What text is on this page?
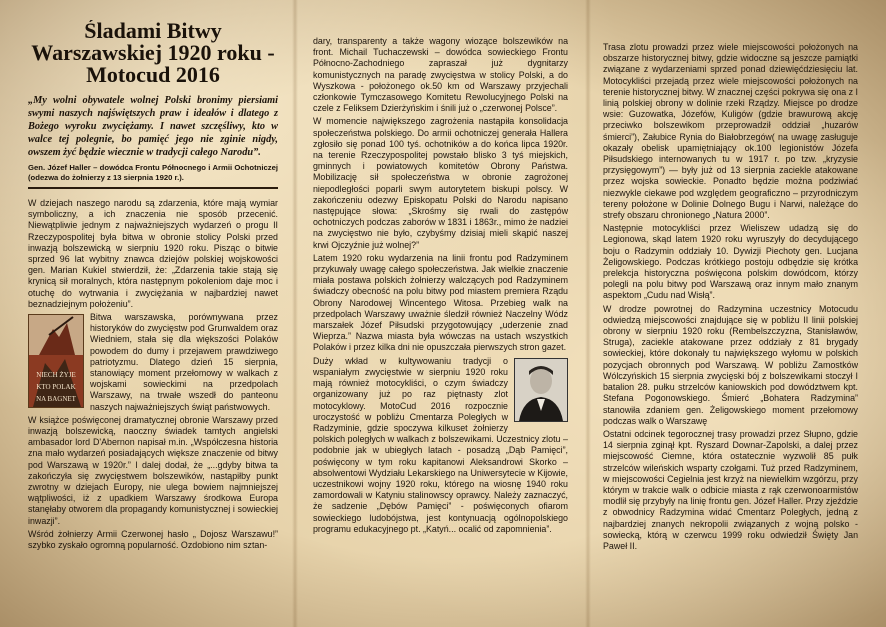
Śladami Bitwy Warszawskiej 1920 roku - Motocud 2016
„My wolni obywatele wolnej Polski bronimy piersiami swymi naszych najświętszych praw i ideałów i dlatego z Bożego wyroku zwyciężamy. I nawet szczęśliwy, kto w walce tej polegnie, bo pamięć jego nie zginie nigdy, owszem żyć będzie wiecznie w tradycji całego Narodu”.

Gen. Józef Haller – dowódca Frontu Północnego i Armii Ochotniczej (odezwa do żołnierzy z 13 sierpnia 1920 r.).

W dziejach naszego narodu są zdarzenia, które mają wymiar symboliczny, a ich znaczenia nie sposób przecenić. Niewątpliwie jednym z najważniejszych wydarzeń o progu II Rzeczypospolitej była bitwa w obronie stolicy Polski przed inwazją bolszewicką w sierpniu 1920 roku. Pisząc o bitwie sprzed 96 lat wybitny znawca dziejów polskiej wojskowości gen. Marian Kukiel stwierdził, że: „Zdarzenia takie stają się krynicą sił moralnych, która następnym pokoleniom daje moc i otuchę do wytrwania i zwyciężania w najbardziej nawet beznadziejnym położeniu”.

NIECH ŻYJE
KTO POLAK
NA BAGNET

Bitwa warszawska, porównywana przez historyków do zwycięstw pod Grunwaldem oraz Wiedniem, stała się dla większości Polaków powodem do dumy i przejawem prawdziwego patriotyzmu. Dlatego dzień 15 sierpnia, stanowiący moment przełomowy w walkach z wojskami sowieckimi na przedpolach Warszawy, na trwałe wszedł do panteonu naszych najważniejszych świąt państwowych.

W książce poświęconej dramatycznej obronie Warszawy przed inwazją bolszewicką, naoczny świadek tamtych angielski ambasador lord D'Abernon napisał m.in. „Współczesna historia zna mało wydarzeń posiadających większe znaczenie od bitwy pod Warszawą w 1920r.” I dalej dodał, że „...gdyby bitwa ta zakończyła się zwycięstwem bolszewików, nastąpiłby punkt zwrotny w dziejach Europy, nie ulega bowiem najmniejszej wątpliwości, iż z upadkiem Warszawy środkowa Europa stanęłaby otworem dla propagandy komunistycznej i sowieckiej inwazji”.

Wśród żołnierzy Armii Czerwonej hasło „ Dojosz Warszawu!” szybko zyskało ogromną popularność. Ozdobiono nim sztan-

dary, transparenty a także wagony wiozące bolszewików na front. Michail Tuchaczewski – dowódca sowieckiego Frontu Północno-Zachodniego zapraszał już dygnitarzy komunistycznych na paradę zwycięstwa w stolicy Polski, a do Wyszkowa - położonego ok.50 km od Warszawy przyjechali członkowie Tymczasowego Komitetu Rewolucyjnego Polski na czele z Feliksem Dzierżyńskim i śnili już o „czerwonej Polsce”.

W momencie największego zagrożenia nastąpiła konsolidacja społeczeństwa polskiego. Do armii ochotniczej generała Hallera zgłosiło się ponad 100 tyś. ochotników a do końca lipca 1920r. na terenie Rzeczypospolitej powstało blisko 3 tyś miejskich, gminnych i powiatowych komitetów Obrony Państwa. Mobilizację sił społeczeństwa w obronie zagrożonej niepodległości poparli swym autorytetem biskupi polscy. W zakończeniu odezwy Episkopatu Polski do Narodu napisano następujące słowa: „Skrośmy się rwali do zastępów ochotniczych podczas zaborów w 1831 i 1863r., mimo że nadziei na zwycięstwo nie było, czybyśmy dzisiaj mieli skąpić naszej krwi Ojczyźnie już wolnej?”

Latem 1920 roku wydarzenia na linii frontu pod Radzyminem przykuwały uwagę całego społeczeństwa. Jak wielkie znaczenie miała postawa polskich żołnierzy walczących pod Radzyminem świadczy obecność na polu bitwy pod miastem premiera Rządu Obrony Narodowej Wincentego Witosa. Przebieg walk na przedpolach Warszawy uważnie śledził również Naczelny Wódz marszałek Józef Piłsudski przygotowujący „uderzenie znad Wieprza.” Nazwa miasta była wówczas na ustach wszystkich Polaków i przez kilka dni nie opuszczała pierwszych stron gazet.

Duży wkład w kultywowaniu tradycji o wspaniałym zwycięstwie w sierpniu 1920 roku mają również motocykliści, o czym świadczy organizowany już po raz piętnasty zlot motocyklowy. MotoCud 2016 rozpocznie uroczystość w pobliżu Cmentarza Poległych w Radzyminie, gdzie spoczywa kilkuset żołnierzy polskich poległych w walkach z bolszewikami. Uczestnicy zlotu – podobnie jak w ubiegłych latach - posadzą „Dąb Pamięci”, poświęcony w tym roku kapitanowi Aleksandrowi Skorko – absolwentowi Wydziału Lekarskiego na Uniwersytecie w Kijowie, uczestnikowi wojny 1920 roku, którego na wiosnę 1940 roku zamordowali w Katyniu stalinowscy oprawcy. Należy zaznaczyć, że sadzenie „Dębów Pamięci” - poświęconych ofiarom sowieckiego ludobójstwa, jest kontynuacją ogólnopolskiego programu edukacyjnego pt. „Katyń... ocalić od zapomnienia”.

Trasa zlotu prowadzi przez wiele miejscowości położonych na obszarze historycznej bitwy, gdzie widoczne są jeszcze pamiątki związane z wydarzeniami sprzed ponad dziewięćdziesięciu lat. Motocykliści przejadą przez wiele miejscowości położonych na terenie historycznej bitwy. W znacznej części pokrywa się ona z I linią polskiej obrony w dolinie rzeki Rządzy. Miejsce po drodze wsie: Guzowatka, Józefów, Kuligów (gdzie brawurową akcję przeciwko bolszewikom przeprowadził oddział „huzarów śmierci”), Załubice Rynia do Białobrzegów( na uwagę zasługuje okazały obelisk upamiętniający ok.100 legionistów Józefa Piłsudskiego internowanych tu w 1917 r. po tzw. „kryzysie przysięgowym”) — były już od 13 sierpnia zaciekle atakowane przez wojska sowieckie. Ponadto będzie można podziwiać niezwykle ciekawe pod względem geograficzno – przyrodniczym tereny położone w Dolinie Dolnego Bugu i Narwi, należące do strefy obszaru chronionego „Natura 2000”.

Następnie motocykliści przez Wieliszew udadzą się do Legionowa, skąd latem 1920 roku wyruszyły do decydującego boju o Radzymin oddziały 10. Dywizji Piechoty gen. Lucjana Żeligowskiego. Podczas krótkiego postoju odbędzie się krótka prelekcja historyczna poświęcona polskim dowódcom, którzy polegli na polu bitwy pod Warszawą oraz innym mało znanym aspektom „Cudu nad Wisłą”.

W drodze powrotnej do Radzymina uczestnicy Motocudu odwiedzą miejscowości znajdujące się w pobliżu II linii polskiej obrony w sierpniu 1920 roku (Rembelszczyzna, Stanisławów, Struga), zaciekle atakowane przez oddziały z 81 brygady sowieckiej, które dokonały tu największego wyłomu w polskich pozycjach obronnych pod Warszawą. W pobliżu Zamostków Wólczyńskich 15 sierpnia zwycięski bój z bolszewikami stoczył I batalion 28. pułku strzelców kaniowskich pod dowództwem kpt. Stefana Pogonowskiego. Śmierć „Bohatera Radzymina” stanowiła zdaniem gen. Żeligowskiego moment przełomowy podczas walk o Warszawę

Ostatni odcinek tegorocznej trasy prowadzi przez Słupno, gdzie 14 sierpnia zginął kpt. Ryszard Downar-Zapolski, a dalej przez miejscowość Ciemne, która ostatecznie wyzwolił 85 pułk strzelców wileńskich wsparty czołgami. Tuż przed Radzyminem, w miejscowości Cegielnia jest krzyż na niewielkim wzgórzu, przy którym w trakcie walk o odbicie miasta z rąk czerwonoarmistów modlił się przybyły na linię frontu gen. Józef Haller. Przy zjeździe z obwodnicy Radzymina widać Cmentarz Poległych, jedną z najbardziej znanych nekropolii związanych z wojną polsko - sowiecką, którą w czerwcu 1999 roku odwiedził Święty Jan Paweł II.
